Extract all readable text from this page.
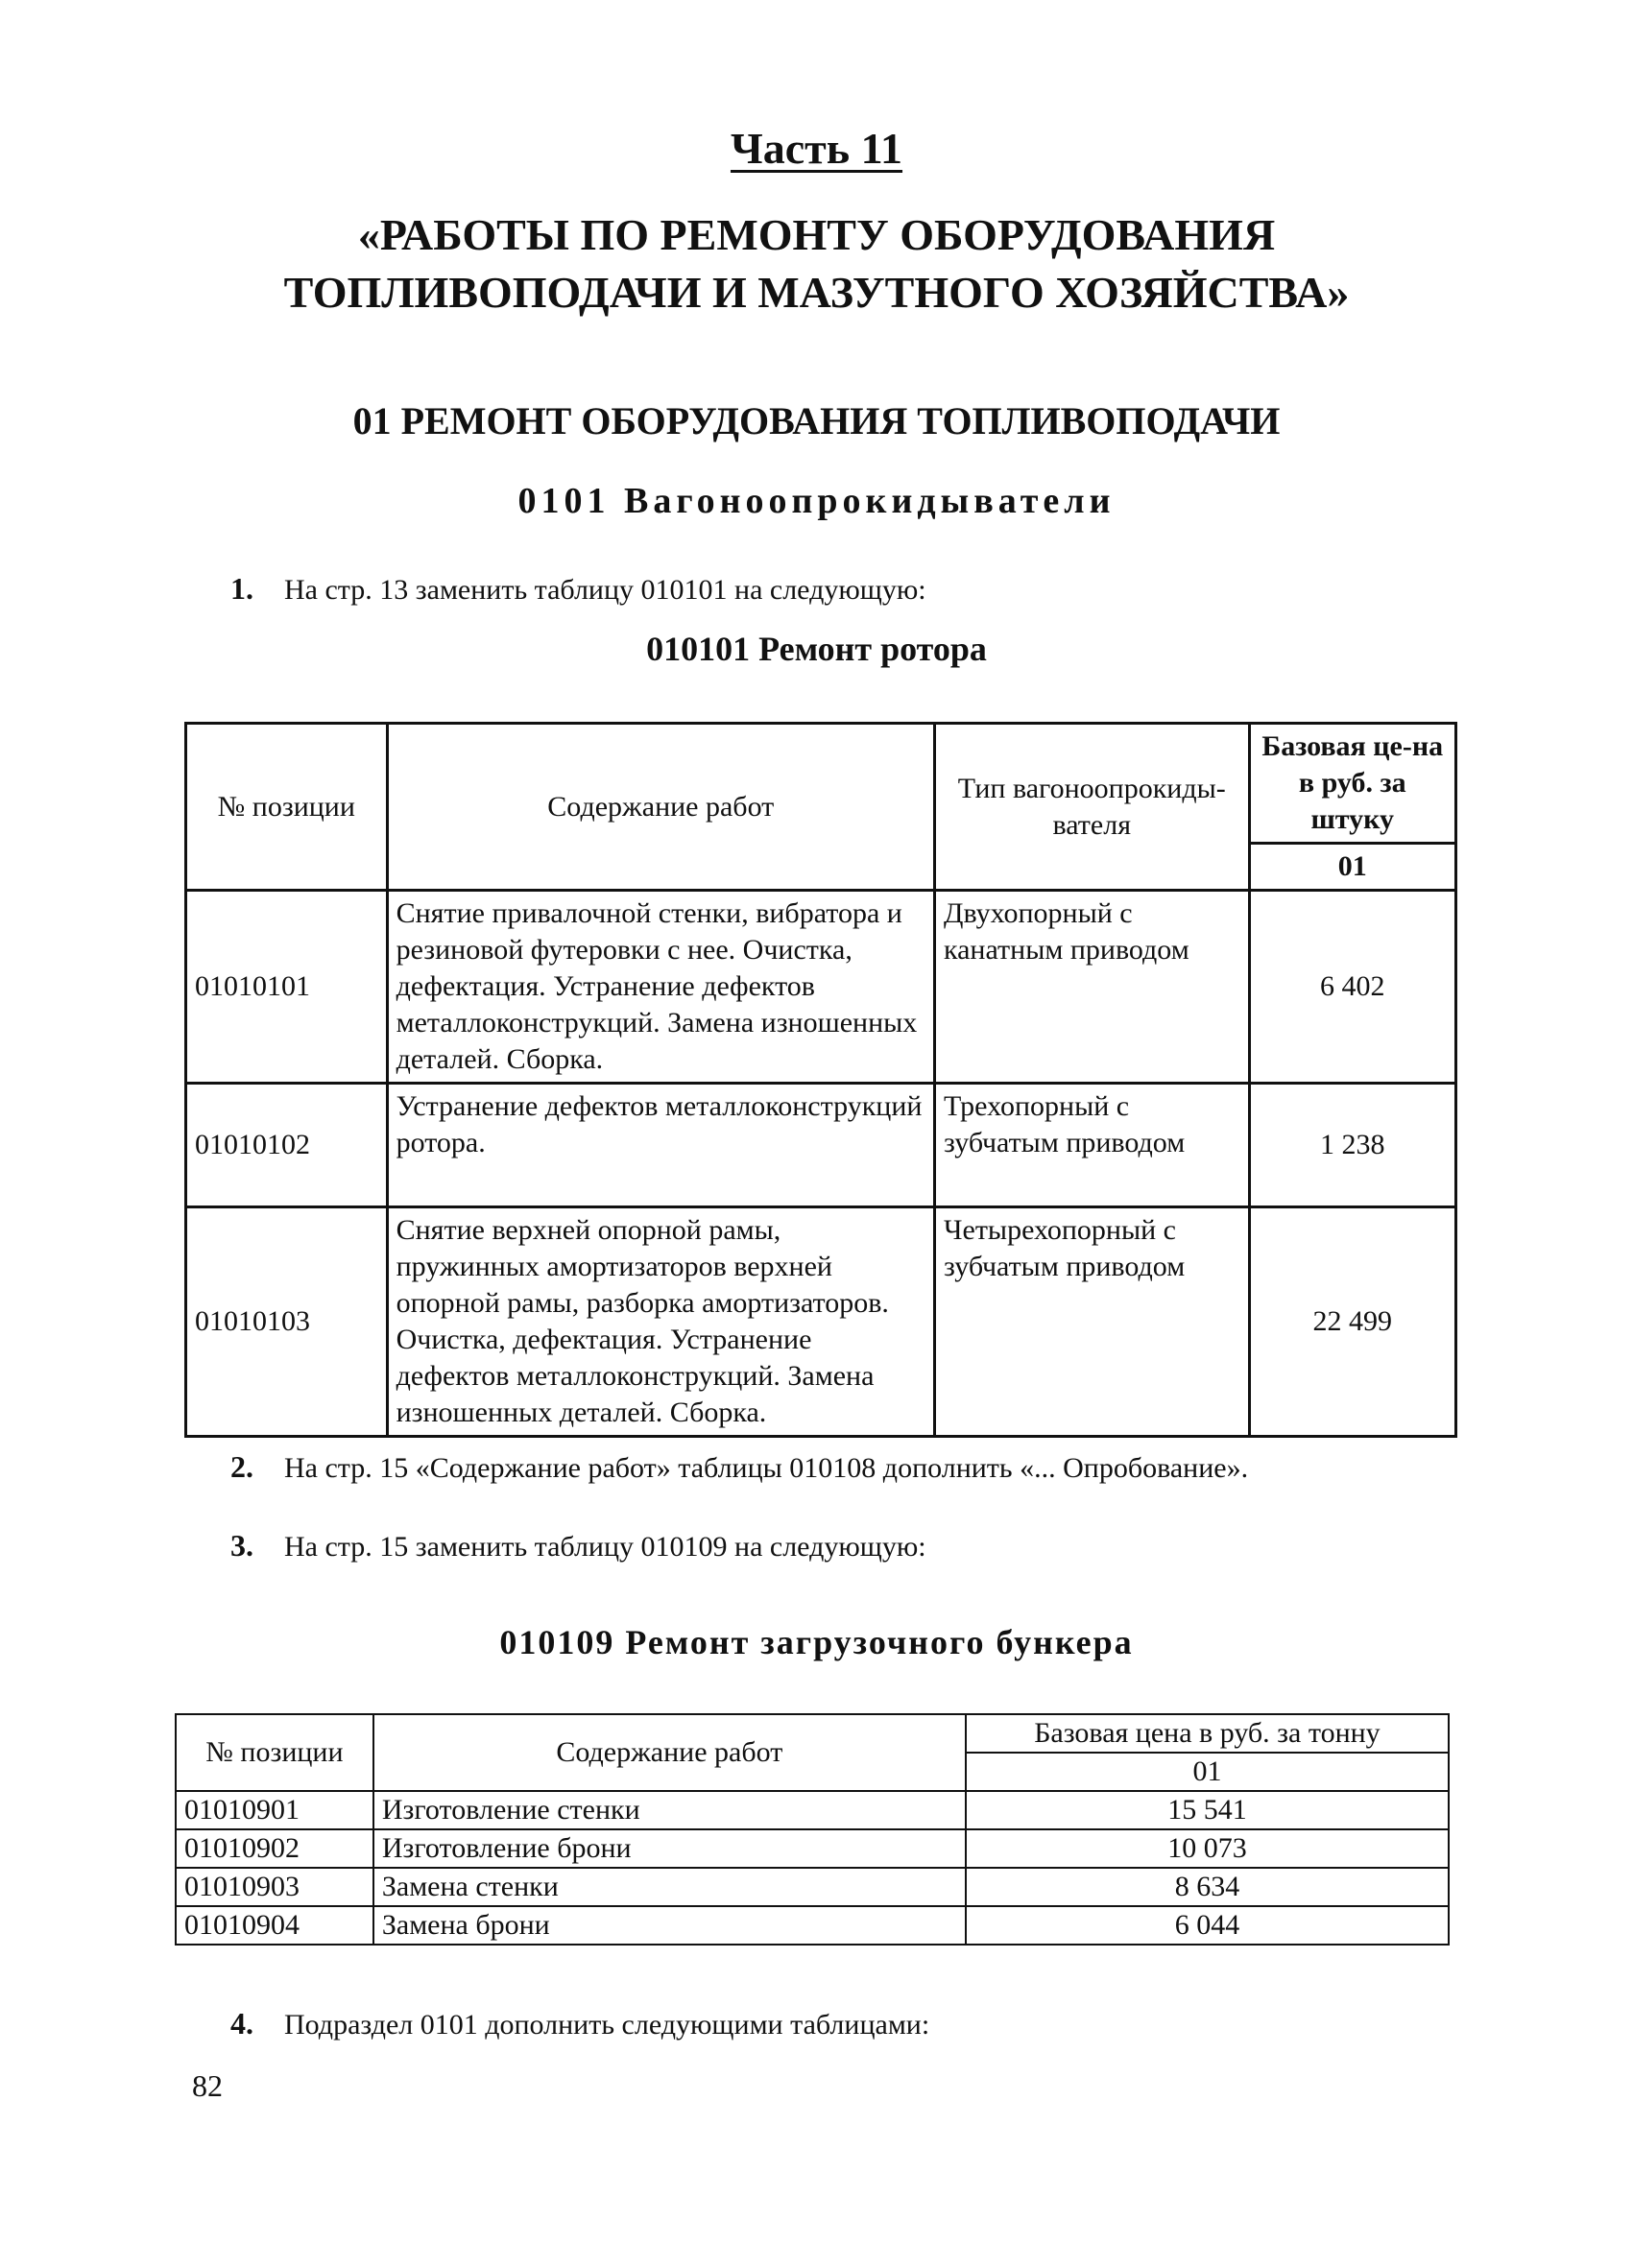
Часть 11
«РАБОТЫ ПО РЕМОНТУ ОБОРУДОВАНИЯ
ТОПЛИВОПОДАЧИ И МАЗУТНОГО ХОЗЯЙСТВА»
01 РЕМОНТ ОБОРУДОВАНИЯ ТОПЛИВОПОДАЧИ
0101 Вагоноопрокидыватели
1. На стр. 13 заменить таблицу 010101 на следующую:
010101 Ремонт ротора
№ позиции	Содержание работ	Тип вагоноопрокиды-вателя	Базовая це-на в руб. за штуку
			01
01010101	Снятие привалочной стенки, вибратора и резиновой футеровки с нее. Очистка, дефектация. Устранение дефектов металлоконструкций. Замена изношенных деталей. Сборка.	Двухопорный с канатным приводом	6 402
01010102	Устранение дефектов металлоконструкций ротора.	Трехопорный с зубчатым приводом	1 238
01010103	Снятие верхней опорной рамы, пружинных амортизаторов верхней опорной рамы, разборка амортизаторов. Очистка, дефектация. Устранение дефектов металлоконструкций. Замена изношенных деталей. Сборка.	Четырехопорный с зубчатым приводом	22 499
2. На стр. 15 «Содержание работ» таблицы 010108 дополнить «... Опробование».
3. На стр. 15 заменить таблицу 010109 на следующую:
010109 Ремонт загрузочного бункера
№ позиции	Содержание работ	Базовая цена в руб. за тонну
		01
01010901	Изготовление стенки	15 541
01010902	Изготовление брони	10 073
01010903	Замена стенки	8 634
01010904	Замена брони	6 044
4. Подраздел 0101 дополнить следующими таблицами:
82
